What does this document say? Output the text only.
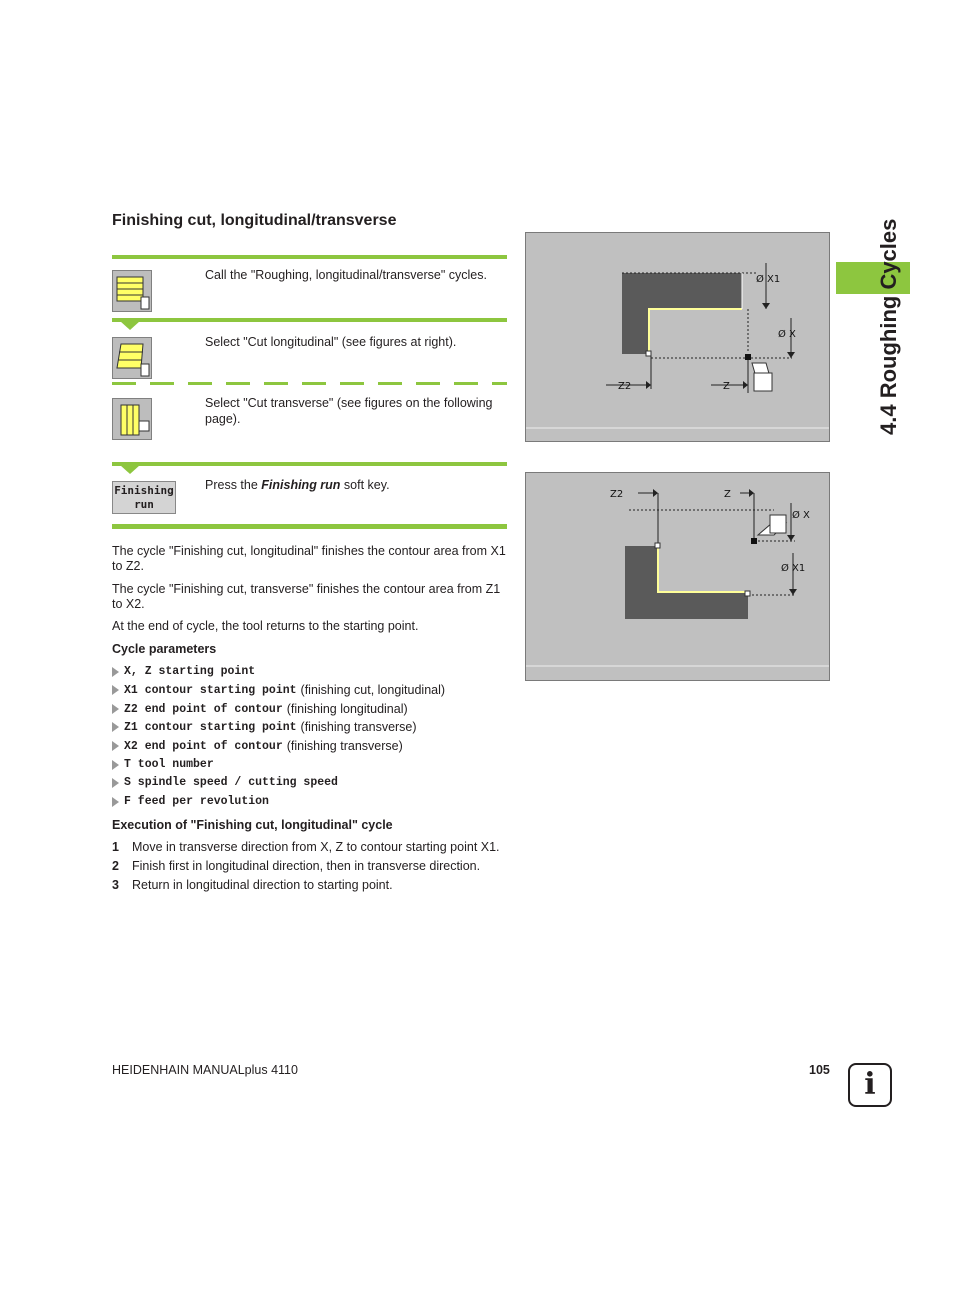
4.4 Roughing Cycles
Finishing cut, longitudinal/transverse
Call the "Roughing, longitudinal/transverse" cycles.
Select "Cut longitudinal" (see figures at right).
Select "Cut transverse" (see figures on the following page).
Finishing
run
Press the Finishing run soft key.
The cycle "Finishing cut, longitudinal" finishes the contour area from X1 to Z2.
The cycle "Finishing cut, transverse" finishes the contour area from Z1 to X2.
At the end of cycle, the tool returns to the starting point.
Cycle parameters
X, Z starting point
X1 contour starting point (finishing cut, longitudinal)
Z2 end point of contour (finishing longitudinal)
Z1 contour starting point (finishing transverse)
X2 end point of contour (finishing transverse)
T tool number
S spindle speed / cutting speed
F feed per revolution
Execution of "Finishing cut, longitudinal" cycle
1 Move in transverse direction from X, Z to contour starting point X1.
2 Finish first in longitudinal direction, then in transverse direction.
3 Return in longitudinal direction to starting point.
Ø X1
Ø X
Z2	Z
Z2	Z
Ø X
Ø X1
HEIDENHAIN MANUALplus 4110	105	i
